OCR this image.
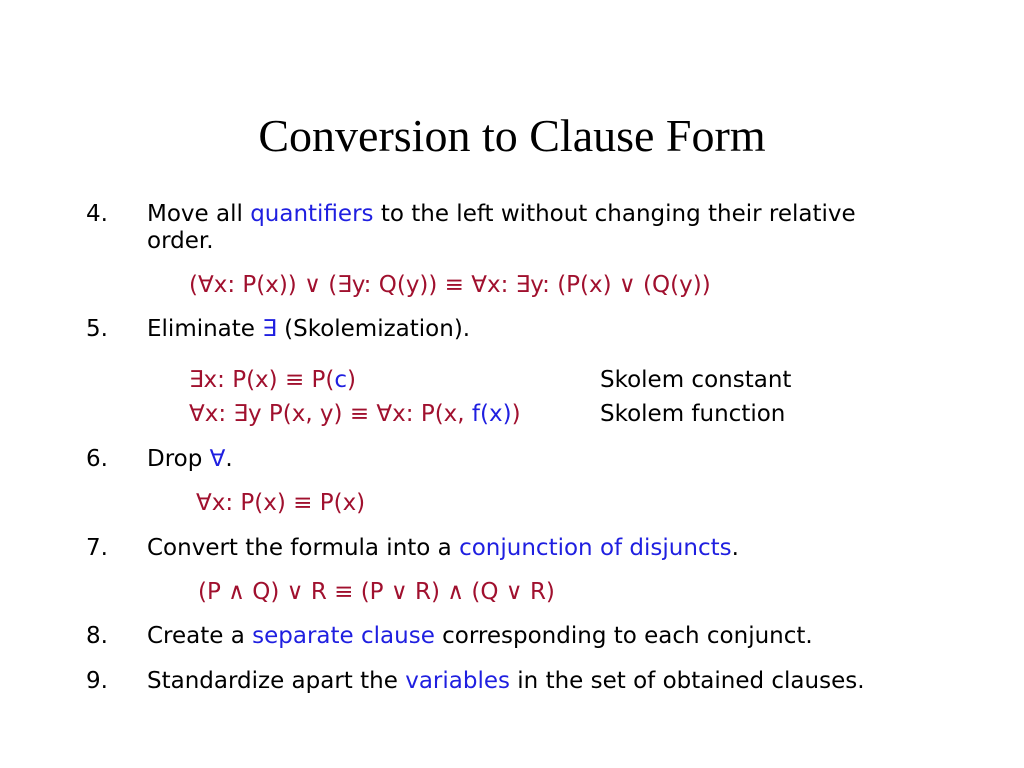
Conversion to Clause Form
4. Move all quantifiers to the left without changing their relative
order.
(∀x: P(x)) ∨ (∃y: Q(y)) ≡ ∀x: ∃y: (P(x) ∨ (Q(y))
5. Eliminate ∃ (Skolemization).
∃x: P(x) ≡ P(c)	Skolem constant
∀x: ∃y P(x, y) ≡ ∀x: P(x, f(x))	Skolem function
6. Drop ∀.
∀x: P(x) ≡ P(x)
7. Convert the formula into a conjunction of disjuncts.
(P ∧ Q) ∨ R ≡ (P ∨ R) ∧ (Q ∨ R)
8. Create a separate clause corresponding to each conjunct.
9. Standardize apart the variables in the set of obtained clauses.
